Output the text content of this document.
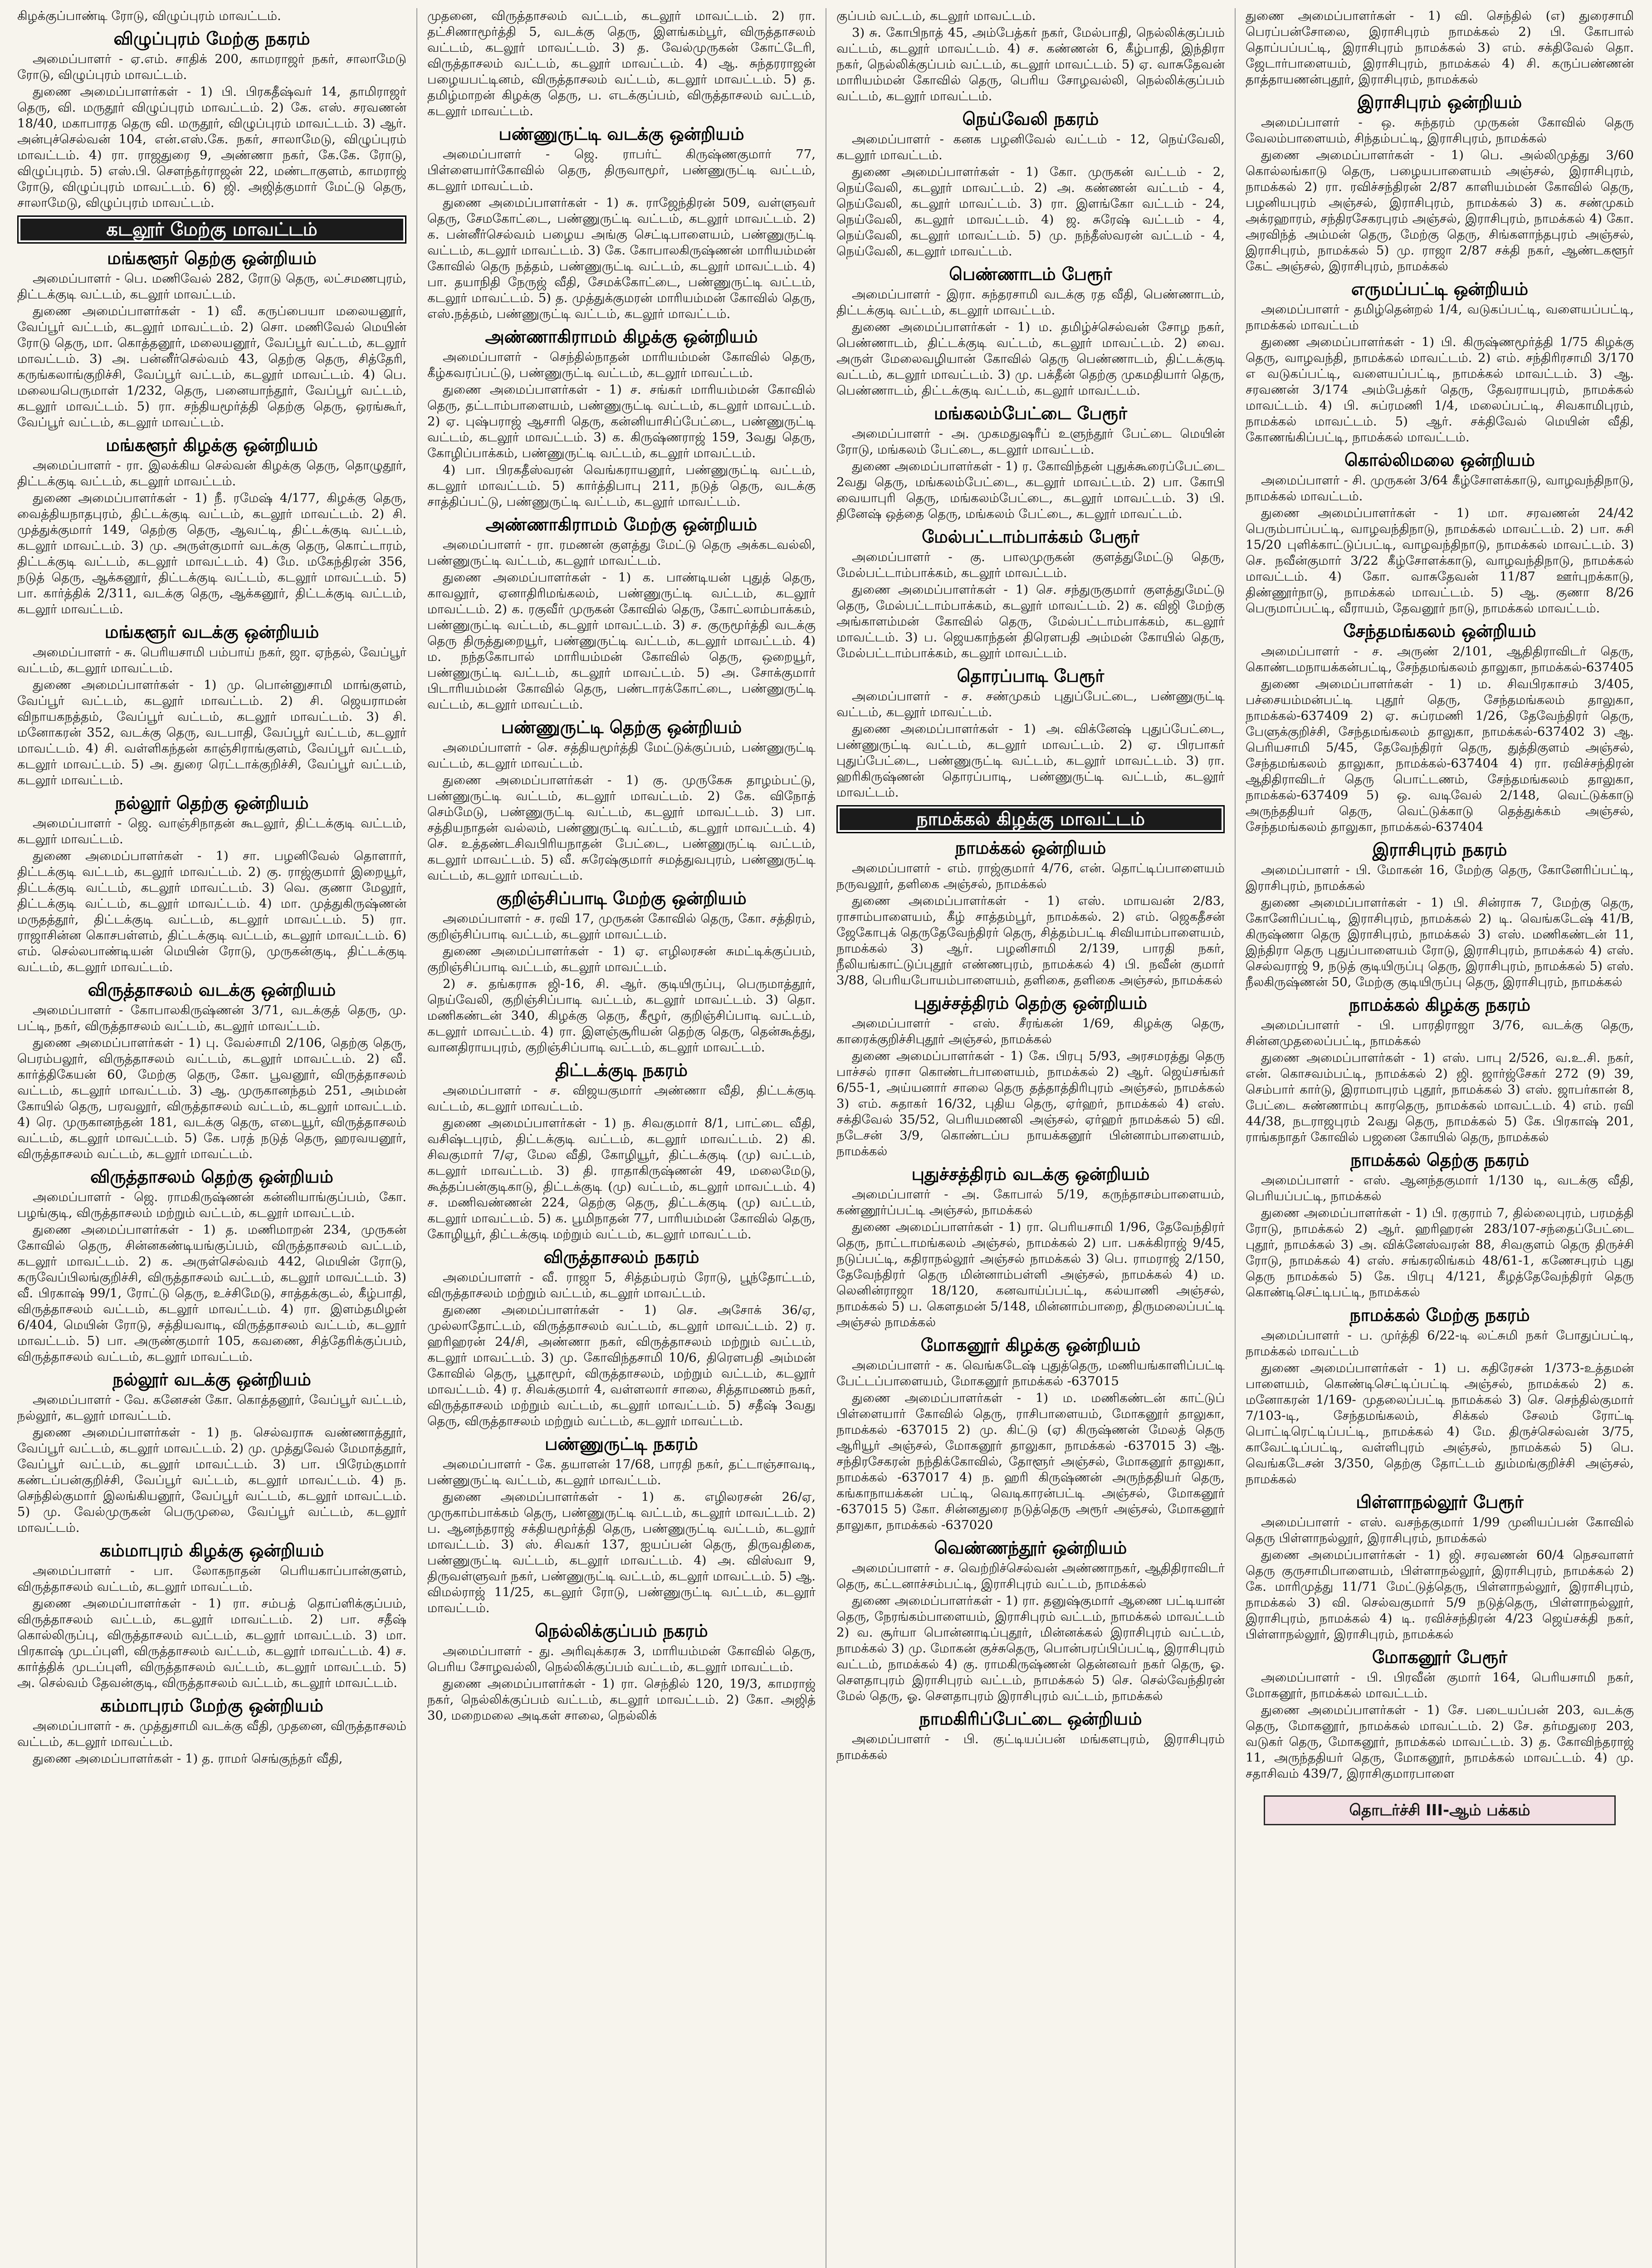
கிழக்குப்பாண்டி ரோடு, விழுப்புரம் மாவட்டம்.

விழுப்புரம் மேற்கு நகரம்

அமைப்பாளர் - ஏ.எம். சாதிக் 200, காமராஜர் நகர், சாலாமேடு ரோடு, விழுப்புரம் மாவட்டம்.

துணை அமைப்பாளர்கள் - 1) பி. பிரகதீஷ்வர் 14, தாமிராஜர் தெரு, வி. மருதூர் விழுப்புரம் மாவட்டம். 2) கே. எஸ். சரவணன் 18/40, மகாபாரத தெரு வி. மருதூர், விழுப்புரம் மாவட்டம். 3) ஆர். அன்புச்செல்வன் 104, என்.எஸ்.கே. நகர், சாலாமேடு, விழுப்புரம் மாவட்டம். 4) ரா. ராஜதுரை 9, அண்ணா நகர், கே.கே. ரோடு, விழுப்புரம். 5) எஸ்.பி. சௌந்தர்ராஜன் 22, மண்டாகுளம், காமராஜ் ரோடு, விழுப்புரம் மாவட்டம். 6) ஜி. அஜித்குமார் மேட்டு தெரு, சாலாமேடு, விழுப்புரம் மாவட்டம்.

கடலூர் மேற்கு மாவட்டம்
மங்களூர் தெற்கு ஒன்றியம்

அமைப்பாளர் - பெ. மணிவேல் 282, ரோடு தெரு, லட்சமணபுரம், திட்டக்குடி வட்டம், கடலூர் மாவட்டம்.

துணை அமைப்பாளர்கள் - 1) வீ. கருப்பையா மலையனூர், வேப்பூர் வட்டம், கடலூர் மாவட்டம். 2) சொ. மணிவேல் மெயின் ரோடு தெரு, மா. கொத்தனூர், மலையனூர், வேப்பூர் வட்டம், கடலூர் மாவட்டம். 3) அ. பன்னீர்செல்வம் 43, தெற்கு தெரு, சித்தேரி, கருங்கலாங்குறிச்சி, வேப்பூர் வட்டம், கடலூர் மாவட்டம். 4) பெ. மலையபெருமாள் 1/232, தெரு, பனையாந்தூர், வேப்பூர் வட்டம், கடலூர் மாவட்டம். 5) ரா. சந்தியமூர்த்தி தெற்கு தெரு, ஒரங்கூர், வேப்பூர் வட்டம், கடலூர் மாவட்டம்.

மங்களூர் கிழக்கு ஒன்றியம்

அமைப்பாளர் - ரா. இலக்கிய செல்வன் கிழக்கு தெரு, தொழுதூர், திட்டக்குடி வட்டம், கடலூர் மாவட்டம்.

துணை அமைப்பாளர்கள் - 1) நீ. ரமேஷ் 4/177, கிழக்கு தெரு, வைத்தியநாதபுரம், திட்டக்குடி வட்டம், கடலூர் மாவட்டம். 2) சி. முத்துக்குமார் 149, தெற்கு தெரு, ஆவட்டி, திட்டக்குடி வட்டம், கடலூர் மாவட்டம். 3) மு. அருள்குமார் வடக்கு தெரு, கொட்டாரம், திட்டக்குடி வட்டம், கடலூர் மாவட்டம். 4) மே. மகேந்திரன் 356, நடுத் தெரு, ஆக்கனூர், திட்டக்குடி வட்டம், கடலூர் மாவட்டம். 5) பா. கார்த்திக் 2/311, வடக்கு தெரு, ஆக்கனூர், திட்டக்குடி வட்டம், கடலூர் மாவட்டம்.

மங்களூர் வடக்கு ஒன்றியம்

அமைப்பாளர் - சு. பெரியசாமி பம்பாய் நகர், ஜா. ஏந்தல், வேப்பூர் வட்டம், கடலூர் மாவட்டம்.

துணை அமைப்பாளர்கள் - 1) மு. பொன்னுசாமி மாங்குளம், வேப்பூர் வட்டம், கடலூர் மாவட்டம். 2) சி. ஜெயராமன் விநாயகநத்தம், வேப்பூர் வட்டம், கடலூர் மாவட்டம். 3) சி. மனோகரன் 352, வடக்கு தெரு, வடபாதி, வேப்பூர் வட்டம், கடலூர் மாவட்டம். 4) சி. வள்ளிகந்தன் காஞ்சிராங்குளம், வேப்பூர் வட்டம், கடலூர் மாவட்டம். 5) அ. துரை ரெட்டாக்குறிச்சி, வேப்பூர் வட்டம், கடலூர் மாவட்டம்.

நல்லூர் தெற்கு ஒன்றியம்

அமைப்பாளர் - ஜெ. வாஞ்சிநாதன் கூடலூர், திட்டக்குடி வட்டம், கடலூர் மாவட்டம்.

துணை அமைப்பாளர்கள் - 1) சா. பழனிவேல் தொளார், திட்டக்குடி வட்டம், கடலூர் மாவட்டம். 2) கு. ராஜ்குமார் இறையூர், திட்டக்குடி வட்டம், கடலூர் மாவட்டம். 3) வெ. குணா மேலூர், திட்டக்குடி வட்டம், கடலூர் மாவட்டம். 4) மா. முத்துகிருஷ்ணன் மருதத்தூர், திட்டக்குடி வட்டம், கடலூர் மாவட்டம். 5) ரா. ராஜாசின்ன கொசபள்ளம், திட்டக்குடி வட்டம், கடலூர் மாவட்டம். 6) எம். செல்லபாண்டியன் மெயின் ரோடு, முருகன்குடி, திட்டக்குடி வட்டம், கடலூர் மாவட்டம்.

விருத்தாசலம் வடக்கு ஒன்றியம்

அமைப்பாளர் - கோபாலகிருஷ்ணன் 3/71, வடக்குத் தெரு, மு. பட்டி, நகர், விருத்தாசலம் வட்டம், கடலூர் மாவட்டம்.

துணை அமைப்பாளர்கள் - 1) பு. வேல்சாமி 2/106, தெற்கு தெரு, பெரம்பலூர், விருத்தாசலம் வட்டம், கடலூர் மாவட்டம். 2) வீ. கார்த்திகேயன் 60, மேற்கு தெரு, கோ. பூவனூர், விருத்தாசலம் வட்டம், கடலூர் மாவட்டம். 3) ஆ. முருகானந்தம் 251, அம்மன் கோயில் தெரு, பரவலூர், விருத்தாசலம் வட்டம், கடலூர் மாவட்டம். 4) ரெ. முருகானந்தன் 181, வடக்கு தெரு, எடையூர், விருத்தாசலம் வட்டம், கடலூர் மாவட்டம். 5) கே. பரத் நடுத் தெரு, ஹரவயனூர், விருத்தாசலம் வட்டம், கடலூர் மாவட்டம்.

விருத்தாசலம் தெற்கு ஒன்றியம்

அமைப்பாளர் - ஜெ. ராமகிருஷ்ணன் கன்னியாங்குப்பம், கோ. பழங்குடி, விருத்தாசலம் மற்றும் வட்டம், கடலூர் மாவட்டம்.

துணை அமைப்பாளர்கள் - 1) த. மணிமாறன் 234, முருகன் கோவில் தெரு, சின்னகண்டியங்குப்பம், விருத்தாசலம் வட்டம், கடலூர் மாவட்டம். 2) க. அருள்செல்வம் 442, மெயின் ரோடு, கருவேப்பிலங்குறிச்சி, விருத்தாசலம் வட்டம், கடலூர் மாவட்டம். 3) வீ. பிரகாஷ் 99/1, ரோட்டு தெரு, உச்சிமேடு, சாத்தக்குடல், கீழ்பாதி, விருத்தாசலம் வட்டம், கடலூர் மாவட்டம். 4) ரா. இளம்தமிழன் 6/404, மெயின் ரோடு, சத்தியவாடி, விருத்தாசலம் வட்டம், கடலூர் மாவட்டம். 5) பா. அருண்குமார் 105, கவணை, சித்தேரிக்குப்பம், விருத்தாசலம் வட்டம், கடலூர் மாவட்டம்.

நல்லூர் வடக்கு ஒன்றியம்

அமைப்பாளர் - வே. கனேசன் கோ. கொத்தனூர், வேப்பூர் வட்டம், நல்லூர், கடலூர் மாவட்டம்.

துணை அமைப்பாளர்கள் - 1) ந. செல்வராசு வண்ணாத்தூர், வேப்பூர் வட்டம், கடலூர் மாவட்டம். 2) மு. முத்துவேல் மேமாத்தூர், வேப்பூர் வட்டம், கடலூர் மாவட்டம். 3) பா. பிரேம்குமார் கண்டப்பன்குறிச்சி, வேப்பூர் வட்டம், கடலூர் மாவட்டம். 4) ந. செந்தில்குமார் இலங்கியனூர், வேப்பூர் வட்டம், கடலூர் மாவட்டம். 5) மு. வேல்முருகன் பெருமுலை, வேப்பூர் வட்டம், கடலூர் மாவட்டம்.

கம்மாபுரம் கிழக்கு ஒன்றியம்

அமைப்பாளர் - பா. லோகநாதன் பெரியகாப்பான்குளம், விருத்தாசலம் வட்டம், கடலூர் மாவட்டம்.

துணை அமைப்பாளர்கள் - 1) ரா. சம்பத் தொப்ளிக்குப்பம், விருத்தாசலம் வட்டம், கடலூர் மாவட்டம். 2) பா. சதீஷ் கொல்லிருப்பு, விருத்தாசலம் வட்டம், கடலூர் மாவட்டம். 3) மா. பிரகாஷ் முடப்புளி, விருத்தாசலம் வட்டம், கடலூர் மாவட்டம். 4) ச. கார்த்திக் முடப்புளி, விருத்தாசலம் வட்டம், கடலூர் மாவட்டம். 5) அ. செல்வம் தேவன்குடி, விருத்தாசலம் வட்டம், கடலூர் மாவட்டம்.

கம்மாபுரம் மேற்கு ஒன்றியம்

அமைப்பாளர் - சு. முத்துசாமி வடக்கு வீதி, முதனை, விருத்தாசலம் வட்டம், கடலூர் மாவட்டம்.

துணை அமைப்பாளர்கள் - 1) த. ராமர் செங்குந்தர் வீதி,

முதனை, விருத்தாசலம் வட்டம், கடலூர் மாவட்டம். 2) ரா. தட்சிணாமூர்த்தி 5, வடக்கு தெரு, இளங்கம்பூர், விருத்தாசலம் வட்டம், கடலூர் மாவட்டம். 3) த. வேல்முருகன் கோட்டேரி, விருத்தாசலம் வட்டம், கடலூர் மாவட்டம். 4) ஆ. சுந்தரராஜன் பழையபட்டினம், விருத்தாசலம் வட்டம், கடலூர் மாவட்டம். 5) த. தமிழ்மாறன் கிழக்கு தெரு, ப. எடக்குப்பம், விருத்தாசலம் வட்டம், கடலூர் மாவட்டம்.

பண்ணுருட்டி வடக்கு ஒன்றியம்

அமைப்பாளர் - ஜெ. ராபர்ட் கிருஷ்ணகுமார் 77, பிள்ளையார்கோவில் தெரு, திருவாமூர், பண்ணுருட்டி வட்டம், கடலூர் மாவட்டம்.

துணை அமைப்பாளர்கள் - 1) சு. ராஜேந்திரன் 509, வள்ளுவர் தெரு, சேமகோட்டை, பண்ணுருட்டி வட்டம், கடலூர் மாவட்டம். 2) க. பன்னீர்செல்வம் பழைய அங்கு செட்டிபாளையம், பண்ணுருட்டி வட்டம், கடலூர் மாவட்டம். 3) கே. கோபாலகிருஷ்ணன் மாரியம்மன் கோவில் தெரு நத்தம், பண்ணுருட்டி வட்டம், கடலூர் மாவட்டம். 4) பா. தயாநிதி நேருஜ் வீதி, சேமக்கோட்டை, பண்ணுருட்டி வட்டம், கடலூர் மாவட்டம். 5) த. முத்துக்குமரன் மாரியம்மன் கோவில் தெரு, எஸ்.நத்தம், பண்ணுருட்டி வட்டம், கடலூர் மாவட்டம்.

அண்ணாகிராமம் கிழக்கு ஒன்றியம்

அமைப்பாளர் - செந்தில்நாதன் மாரியம்மன் கோவில் தெரு, கீழ்கவரப்பட்டு, பண்ணுருட்டி வட்டம், கடலூர் மாவட்டம்.

துணை அமைப்பாளர்கள் - 1) ச. சங்கர் மாரியம்மன் கோவில் தெரு, தட்டாம்பாளையம், பண்ணுருட்டி வட்டம், கடலூர் மாவட்டம். 2) ஏ. புஷ்பராஜ் ஆசாரி தெரு, கன்னியாசிப்பேட்டை, பண்ணுருட்டி வட்டம், கடலூர் மாவட்டம். 3) க. கிருஷ்ணராஜ் 159, 3வது தெரு, கோழிப்பாக்கம், பண்ணுருட்டி வட்டம், கடலூர் மாவட்டம்.

4) பா. பிரகதீஸ்வரன் வெங்கராயனூர், பண்ணுருட்டி வட்டம், கடலூர் மாவட்டம். 5) கார்த்திபாபு 211, நடுத் தெரு, வடக்கு சாத்திப்பட்டு, பண்ணுருட்டி வட்டம், கடலூர் மாவட்டம்.

அண்ணாகிராமம் மேற்கு ஒன்றியம்

அமைப்பாளர் - ரா. ரமணன் குளத்து மேட்டு தெரு அக்கடவல்லி, பண்ணுருட்டி வட்டம், கடலூர் மாவட்டம்.

துணை அமைப்பாளர்கள் - 1) க. பாண்டியன் புதுத் தெரு, காவலூர், ஏனாதிரிமங்கலம், பண்ணுருட்டி வட்டம், கடலூர் மாவட்டம். 2) க. ரகுவீர் முருகன் கோவில் தெரு, கோட்லாம்பாக்கம், பண்ணுருட்டி வட்டம், கடலூர் மாவட்டம். 3) ச. குருமூர்த்தி வடக்கு தெரு திருத்துறையூர், பண்ணுருட்டி வட்டம், கடலூர் மாவட்டம். 4) ம. நந்தகோபால் மாரியம்மன் கோவில் தெரு, ஒறையூர், பண்ணுருட்டி வட்டம், கடலூர் மாவட்டம். 5) அ. சோக்குமார் பிடாரியம்மன் கோவில் தெரு, பண்டாரக்கோட்டை, பண்ணுருட்டி வட்டம், கடலூர் மாவட்டம்.

பண்ணுருட்டி தெற்கு ஒன்றியம்

அமைப்பாளர் - செ. சத்தியமூர்த்தி மேட்டுக்குப்பம், பண்ணுருட்டி வட்டம், கடலூர் மாவட்டம்.

துணை அமைப்பாளர்கள் - 1) கு. முருகேசு தாழம்பட்டு, பண்ணுருட்டி வட்டம், கடலூர் மாவட்டம். 2) கே. விநோத் செம்மேடு, பண்ணுருட்டி வட்டம், கடலூர் மாவட்டம். 3) பா. சத்தியநாதன் வல்லம், பண்ணுருட்டி வட்டம், கடலூர் மாவட்டம். 4) செ. உத்தண்டசிவபிரியநாதன் பேட்டை, பண்ணுருட்டி வட்டம், கடலூர் மாவட்டம். 5) வீ. சுரேஷ்குமார் சமத்துவபுரம், பண்ணுருட்டி வட்டம், கடலூர் மாவட்டம்.

குறிஞ்சிப்பாடி மேற்கு ஒன்றியம்

அமைப்பாளர் - ச. ரவி 17, முருகன் கோவில் தெரு, கோ. சத்திரம், குறிஞ்சிப்பாடி வட்டம், கடலூர் மாவட்டம்.

துணை அமைப்பாளர்கள் - 1) ஏ. எழிலரசன் சுமட்டிக்குப்பம், குறிஞ்சிப்பாடி வட்டம், கடலூர் மாவட்டம்.

2) ச. தங்கராசு ஜி-16, சி. ஆர். குடியிருப்பு, பெருமாத்தூர், நெய்வேலி, குறிஞ்சிப்பாடி வட்டம், கடலூர் மாவட்டம். 3) தொ. மணிகண்டன் 340, கிழக்கு தெரு, கீழூர், குறிஞ்சிப்பாடி வட்டம், கடலூர் மாவட்டம். 4) ரா. இளஞ்சூரியன் தெற்கு தெரு, தென்கூத்து, வானதிராயபுரம், குறிஞ்சிப்பாடி வட்டம், கடலூர் மாவட்டம்.

திட்டக்குடி நகரம்

அமைப்பாளர் - ச. விஜயகுமார் அண்ணா வீதி, திட்டக்குடி வட்டம், கடலூர் மாவட்டம்.

துணை அமைப்பாளர்கள் - 1) ந. சிவகுமார் 8/1, பாட்டை வீதி, வசிஷ்டபுரம், திட்டக்குடி வட்டம், கடலூர் மாவட்டம். 2) கி. சிவகுமார் 7/ஏ, மேல வீதி, கோழியூர், திட்டக்குடி (மு) வட்டம், கடலூர் மாவட்டம். 3) தி. ராதாகிருஷ்ணன் 49, மலைமேடு, கூத்தப்பன்குடிகாடு, திட்டக்குடி (மு) வட்டம், கடலூர் மாவட்டம். 4) ச. மணிவண்ணன் 224, தெற்கு தெரு, திட்டக்குடி (மு) வட்டம், கடலூர் மாவட்டம். 5) க. பூமிநாதன் 77, பாரியம்மன் கோவில் தெரு, கோழியூர், திட்டக்குடி மற்றும் வட்டம், கடலூர் மாவட்டம்.

விருத்தாசலம் நகரம்

அமைப்பாளர் - வீ. ராஜா 5, சித்தம்பரம் ரோடு, பூந்தோட்டம், விருத்தாசலம் மற்றும் வட்டம், கடலூர் மாவட்டம்.

துணை அமைப்பாளர்கள் - 1) செ. அசோக் 36/ஏ, முல்லாதோட்டம், விருத்தாசலம் வட்டம், கடலூர் மாவட்டம். 2) ர. ஹரிஹரன் 24/சி, அண்ணா நகர், விருத்தாசலம் மற்றும் வட்டம், கடலூர் மாவட்டம். 3) மு. கோவிந்தசாமி 10/6, திரௌபதி அம்மன் கோவில் தெரு, பூதாமூர், விருத்தாசலம், மற்றும் வட்டம், கடலூர் மாவட்டம். 4) ர. சிவக்குமார் 4, வள்ளலார் சாலை, சித்தாமணம் நகர், விருத்தாசலம் மற்றும் வட்டம், கடலூர் மாவட்டம். 5) சதீஷ் 3வது தெரு, விருத்தாசலம் மற்றும் வட்டம், கடலூர் மாவட்டம்.

பண்ணுருட்டி நகரம்

அமைப்பாளர் - கே. தயாளன் 17/68, பாரதி நகர், தட்டாஞ்சாவடி, பண்ணுருட்டி வட்டம், கடலூர் மாவட்டம்.

துணை அமைப்பாளர்கள் - 1) க. எழிலரசன் 26/ஏ, முருகாம்பாக்கம் தெரு, பண்ணுருட்டி வட்டம், கடலூர் மாவட்டம். 2) ப. ஆனந்தராஜ் சக்தியமூர்த்தி தெரு, பண்ணுருட்டி வட்டம், கடலூர் மாவட்டம். 3) ஸ். சிவகர் 137, ஐயப்பன் தெரு, திருவதிகை, பண்ணுருட்டி வட்டம், கடலூர் மாவட்டம். 4) அ. விஸ்வா 9, திருவள்ளுவர் நகர், பண்ணுருட்டி வட்டம், கடலூர் மாவட்டம். 5) ஆ. விமல்ராஜ் 11/25, கடலூர் ரோடு, பண்ணுருட்டி வட்டம், கடலூர் மாவட்டம்.

நெல்லிக்குப்பம் நகரம்

அமைப்பாளர் - து. அரிவுக்கரசு 3, மாரியம்மன் கோவில் தெரு, பெரிய சோழவல்லி, நெல்லிக்குப்பம் வட்டம், கடலூர் மாவட்டம்.

துணை அமைப்பாளர்கள் - 1) ரா. செந்தில் 120, 19/3, காமராஜ் நகர், நெல்லிக்குப்பம் வட்டம், கடலூர் மாவட்டம். 2) கோ. அஜித் 30, மறைமலை அடிகள் சாலை, நெல்லிக்

குப்பம் வட்டம், கடலூர் மாவட்டம்.

3) சு. கோபிநாத் 45, அம்பேத்கர் நகர், மேல்பாதி, நெல்லிக்குப்பம் வட்டம், கடலூர் மாவட்டம். 4) ச. கண்ணன் 6, கீழ்பாதி, இந்திரா நகர், நெல்லிக்குப்பம் வட்டம், கடலூர் மாவட்டம். 5) ஏ. வாசுதேவன் மாரியம்மன் கோவில் தெரு, பெரிய சோழவல்லி, நெல்லிக்குப்பம் வட்டம், கடலூர் மாவட்டம்.

நெய்வேலி நகரம்

அமைப்பாளர் - கனக பழனிவேல் வட்டம் - 12, நெய்வேலி, கடலூர் மாவட்டம்.

துணை அமைப்பாளர்கள் - 1) கோ. முருகன் வட்டம் - 2, நெய்வேலி, கடலூர் மாவட்டம். 2) அ. கண்ணன் வட்டம் - 4, நெய்வேலி, கடலூர் மாவட்டம். 3) ரா. இளங்கோ வட்டம் - 24, நெய்வேலி, கடலூர் மாவட்டம். 4) ஜ. சுரேஷ் வட்டம் - 4, நெய்வேலி, கடலூர் மாவட்டம். 5) மு. நந்தீஸ்வரன் வட்டம் - 4, நெய்வேலி, கடலூர் மாவட்டம்.

பெண்ணாடம் பேரூர்

அமைப்பாளர் - இரா. சுந்தரசாமி வடக்கு ரத வீதி, பெண்ணாடம், திட்டக்குடி வட்டம், கடலூர் மாவட்டம்.

துணை அமைப்பாளர்கள் - 1) ம. தமிழ்ச்செல்வன் சோழ நகர், பெண்ணாடம், திட்டக்குடி வட்டம், கடலூர் மாவட்டம். 2) வை. அருள் மேலைவழியான் கோவில் தெரு பெண்ணாடம், திட்டக்குடி வட்டம், கடலூர் மாவட்டம். 3) மு. பக்தீன் தெற்கு முகமதியார் தெரு, பெண்ணாடம், திட்டக்குடி வட்டம், கடலூர் மாவட்டம்.

மங்கலம்பேட்டை பேரூர்

அமைப்பாளர் - அ. முகமதுஷரீப் உளுந்தூர் பேட்டை மெயின் ரோடு, மங்கலம் பேட்டை, கடலூர் மாவட்டம்.

துணை அமைப்பாளர்கள் - 1) ர. கோவிந்தன் புதுக்கூரைப்பேட்டை 2வது தெரு, மங்கலம்பேட்டை, கடலூர் மாவட்டம். 2) பா. கோபி வையாபுரி தெரு, மங்கலம்பேட்டை, கடலூர் மாவட்டம். 3) பி. தினேஷ் ஒத்தை தெரு, மங்கலம் பேட்டை, கடலூர் மாவட்டம்.

மேல்பட்டாம்பாக்கம் பேரூர்

அமைப்பாளர் - கு. பாலமுருகன் குளத்துமேட்டு தெரு, மேல்பட்டாம்பாக்கம், கடலூர் மாவட்டம்.

துணை அமைப்பாளர்கள் - 1) செ. சந்துருகுமார் குளத்துமேட்டு தெரு, மேல்பட்டாம்பாக்கம், கடலூர் மாவட்டம். 2) க. விஜி மேற்கு அங்காளம்மன் கோவில் தெரு, மேல்பட்டாம்பாக்கம், கடலூர் மாவட்டம். 3) ப. ஜெயகாந்தன் திரௌபதி அம்மன் கோயில் தெரு, மேல்பட்டாம்பாக்கம், கடலூர் மாவட்டம்.

தொரப்பாடி பேரூர்

அமைப்பாளர் - ச. சண்முகம் புதுப்பேட்டை, பண்ணுருட்டி வட்டம், கடலூர் மாவட்டம்.

துணை அமைப்பாளர்கள் - 1) அ. விக்னேஷ் புதுப்பேட்டை, பண்ணுருட்டி வட்டம், கடலூர் மாவட்டம். 2) ஏ. பிரபாகர் புதுப்பேட்டை, பண்ணுருட்டி வட்டம், கடலூர் மாவட்டம். 3) ரா. ஹரிகிருஷ்ணன் தொரப்பாடி, பண்ணுருட்டி வட்டம், கடலூர் மாவட்டம்.

நாமக்கல் கிழக்கு மாவட்டம்
நாமக்கல் ஒன்றியம்

அமைப்பாளர் - எம். ராஜ்குமார் 4/76, என். தொட்டிப்பாளையம் நருவலூர், தளிகை அஞ்சல், நாமக்கல்

துணை அமைப்பாளர்கள் - 1) எஸ். மாயவன் 2/83, ராசாம்பாளையம், கீழ் சாத்தம்பூர், நாமக்கல். 2) எம். ஜெகதீசன் ஜேகோபுக் தெருதேவேந்திரர் தெரு, சித்தம்பட்டி சிவியாம்பாளையம், நாமக்கல் 3) ஆர். பழனிசாமி 2/139, பாரதி நகர், நீலியங்காட்டுப்புதூர் எண்ணபுரம், நாமக்கல் 4) பி. நவீன் குமார் 3/88, பெரியபோயம்பாளையம், தளிகை, தளிகை அஞ்சல், நாமக்கல்

புதுச்சத்திரம் தெற்கு ஒன்றியம்

அமைப்பாளர் - எஸ். சீரங்கன் 1/69, கிழக்கு தெரு, காரைக்குறிச்சிபுதூர் அஞ்சல், நாமக்கல்

துணை அமைப்பாளர்கள் - 1) கே. பிரபு 5/93, அரசமரத்து தெரு பாச்சல் ராசா கொண்டர்பாளையம், நாமக்கல் 2) ஆர். ஜெய்சங்கர் 6/55-1, அய்யனார் சாலை தெரு தத்தாத்திரிபுரம் அஞ்சல், நாமக்கல் 3) எம். சுதாகர் 16/32, புதிய தெரு, ஏர்ஹர், நாமக்கல் 4) எஸ். சக்திவேல் 35/52, பெரியமணலி அஞ்சல், ஏர்ஹர் நாமக்கல் 5) வி. நடேசன் 3/9, கொண்டப்ப நாயக்கனூர் பின்னாம்பாளையம், நாமக்கல்

புதுச்சத்திரம் வடக்கு ஒன்றியம்

அமைப்பாளர் - அ. கோபால் 5/19, கருந்தாசம்பாளையம், கண்ணூர்ப்பட்டி அஞ்சல், நாமக்கல்

துணை அமைப்பாளர்கள் - 1) ரா. பெரியசாமி 1/96, தேவேந்திரர் தெரு, நாட்டாமங்கலம் அஞ்சல், நாமக்கல் 2) பா. பசுக்கிராஜ் 9/45, நடுப்பட்டி, கதிராநல்லூர் அஞ்சல் நாமக்கல் 3) பெ. ராமராஜ் 2/150, தேவேந்திரர் தெரு மின்னாம்பள்ளி அஞ்சல், நாமக்கல் 4) ம. லெனின்ராஜா 18/120, கனவாய்ப்பட்டி, கல்யாணி அஞ்சல், நாமக்கல் 5) ப. கௌதமன் 5/148, மின்னாம்பாறை, திருமலைப்பட்டி அஞ்சல் நாமக்கல்

மோகனூர் கிழக்கு ஒன்றியம்

அமைப்பாளர் - க. வெங்கடேஷ் புதுத்தெரு, மணியங்காளிப்பட்டி பேட்டப்பாளையம், மோகனூர் நாமக்கல் -637015

துணை அமைப்பாளர்கள் - 1) ம. மணிகண்டன் காட்டுப் பிள்ளையார் கோவில் தெரு, ராசிபாளையம், மோகனூர் தாலுகா, நாமக்கல் -637015 2) மு. கிட்டு (ஏ) கிருஷ்ணன் மேலத் தெரு ஆரியூர் அஞ்சல், மோகனூர் தாலுகா, நாமக்கல் -637015 3) ஆ. சந்திரசேகரன் நந்திக்கோவில், தோளூர் அஞ்சல், மோகனூர் தாலுகா, நாமக்கல் -637017 4) ந. ஹரி கிருஷ்ணன் அருந்ததியர் தெரு, கங்காநாயக்கன் பட்டி, வெடிகாரன்பட்டி அஞ்சல், மோகனூர் -637015 5) கோ. சின்னதுரை நடுத்தெரு அரூர் அஞ்சல், மோகனூர் தாலுகா, நாமக்கல் -637020

வெண்ணந்தூர் ஒன்றியம்

அமைப்பாளர் - ச. வெற்றிச்செல்வன் அண்ணாநகர், ஆதிதிராவிடர் தெரு, கட்டனாச்சம்பட்டி, இராசிபுரம் வட்டம், நாமக்கல்

துணை அமைப்பாளர்கள் - 1) ரா. தனுஷ்குமார் ஆணை பட்டியான் தெரு, நேரங்கம்பாளையம், இராசிபுரம் வட்டம், நாமக்கல் மாவட்டம் 2) வ. சூர்யா பொன்னாடிப்புதூர், மின்னக்கல் இராசிபுரம் வட்டம், நாமக்கல் 3) மு. மோகன் குச்சுதெரு, பொன்பரப்பிப்பட்டி, இராசிபுரம் வட்டம், நாமக்கல் 4) கு. ராமகிருஷ்ணன் தென்னவர் நகர் தெரு, ஓ. சௌதாபுரம் இராசிபுரம் வட்டம், நாமக்கல் 5) செ. செல்வேந்திரன் மேல் தெரு, ஓ. சௌதாபுரம் இராசிபுரம் வட்டம், நாமக்கல்

நாமகிரிப்பேட்டை ஒன்றியம்

அமைப்பாளர் - பி. குட்டியப்பன் மங்களபுரம், இராசிபுரம் நாமக்கல்

துணை அமைப்பாளர்கள் - 1) வி. செந்தில் (எ) துரைசாமி பெரப்பன்சோலை, இராசிபுரம் நாமக்கல் 2) பி. கோபால் தொப்பப்பட்டி, இராசிபுரம் நாமக்கல் 3) எம். சக்திவேல் தொ. ஜேடார்பாளையம், இராசிபுரம், நாமக்கல் 4) சி. கருப்பண்ணன் தாத்தாயணன்புதூர், இராசிபுரம், நாமக்கல்

இராசிபுரம் ஒன்றியம்

அமைப்பாளர் - ஒ. சுந்தரம் முருகன் கோவில் தெரு வேலம்பாளையம், சிந்தம்பட்டி, இராசிபுரம், நாமக்கல்

துணை அமைப்பாளர்கள் - 1) பெ. அல்லிமுத்து 3/60 கொல்லங்காடு தெரு, பழையபாளையம் அஞ்சல், இராசிபுரம், நாமக்கல் 2) ரா. ரவிச்சந்திரன் 2/87 காளியம்மன் கோவில் தெரு, பழனியபுரம் அஞ்சல், இராசிபுரம், நாமக்கல் 3) க. சண்முகம் அக்ரஹாரம், சந்திரசேகரபுரம் அஞ்சல், இராசிபுரம், நாமக்கல் 4) கோ. அரவிந்த் அம்மன் தெரு, மேற்கு தெரு, சிங்களாந்தபுரம் அஞ்சல், இராசிபுரம், நாமக்கல் 5) மு. ராஜா 2/87 சக்தி நகர், ஆண்டகளூர் கேட் அஞ்சல், இராசிபுரம், நாமக்கல்

எருமப்பட்டி ஒன்றியம்

அமைப்பாளர் - தமிழ்தென்றல் 1/4, வடுகப்பட்டி, வளையப்பட்டி, நாமக்கல் மாவட்டம்

துணை அமைப்பாளர்கள் - 1) பி. கிருஷ்ணமூர்த்தி 1/75 கிழக்கு தெரு, வாழவந்தி, நாமக்கல் மாவட்டம். 2) எம். சந்திரிரசாமி 3/170 எ வடுகப்பட்டி, வளையப்பட்டி, நாமக்கல் மாவட்டம். 3) ஆ. சரவணன் 3/174 அம்பேத்கர் தெரு, தேவராயபுரம், நாமக்கல் மாவட்டம். 4) பி. சுப்ரமணி 1/4, மலைப்பட்டி, சிவகாமிபுரம், நாமக்கல் மாவட்டம். 5) ஆர். சக்திவேல் மெயின் வீதி, கோணங்கிப்பட்டி, நாமக்கல் மாவட்டம்.

கொல்லிமலை ஒன்றியம்

அமைப்பாளர் - சி. முருகன் 3/64 கீழ்சோளக்காடு, வாழவந்திநாடு, நாமக்கல் மாவட்டம்.

துணை அமைப்பாளர்கள் - 1) மா. சரவணன் 24/42 பெரும்பாப்பட்டி, வாழவந்திநாடு, நாமக்கல் மாவட்டம். 2) பா. சுசி 15/20 புளிக்காட்டுப்பட்டி, வாழவந்திநாடு, நாமக்கல் மாவட்டம். 3) செ. நவீன்குமார் 3/22 கீழ்சோளக்காடு, வாழவந்திநாடு, நாமக்கல் மாவட்டம். 4) கோ. வாசுதேவன் 11/87 ஊர்புறக்காடு, திண்ணூர்நாடு, நாமக்கல் மாவட்டம். 5) ஆ. குணா 8/26 பெருமாப்பட்டி, வீராயம், தேவனூர் நாடு, நாமக்கல் மாவட்டம்.

சேந்தமங்கலம் ஒன்றியம்

அமைப்பாளர் - ச. அருண் 2/101, ஆதிதிராவிடர் தெரு, கொண்டமநாயக்கன்பட்டி, சேந்தமங்கலம் தாலுகா, நாமக்கல்-637405

துணை அமைப்பாளர்கள் - 1) ம. சிவபிரகாசம் 3/405, பச்சையம்மன்பட்டி புதூர் தெரு, சேந்தமங்கலம் தாலுகா, நாமக்கல்-637409 2) ஏ. சுப்ரமணி 1/26, தேவேந்திரர் தெரு, பேளுக்குறிச்சி, சேந்தமங்கலம் தாலுகா, நாமக்கல்-637402 3) ஆ. பெரியசாமி 5/45, தேவேந்திரர் தெரு, துத்திகுளம் அஞ்சல், சேந்தமங்கலம் தாலுகா, நாமக்கல்-637404 4) ரா. ரவிச்சந்திரன் ஆதிதிராவிடர் தெரு பொட்டணம், சேந்தமங்கலம் தாலுகா, நாமக்கல்-637409 5) ஒ. வடிவேல் 2/148, வெட்டுக்காடு அருந்ததியர் தெரு, வெட்டுக்காடு தெத்துக்கம் அஞ்சல், சேந்தமங்கலம் தாலுகா, நாமக்கல்-637404

இராசிபுரம் நகரம்

அமைப்பாளர் - பி. மோகன் 16, மேற்கு தெரு, கோனேரிப்பட்டி, இராசிபுரம், நாமக்கல்

துணை அமைப்பாளர்கள் - 1) பி. சின்ராசு 7, மேற்கு தெரு, கோனேரிப்பட்டி, இராசிபுரம், நாமக்கல் 2) டி. வெங்கடேஷ் 41/B, கிருஷ்ணா தெரு இராசிபுரம், நாமக்கல் 3) எஸ். மணிகண்டன் 11, இந்திரா தெரு புதுப்பாளையம் ரோடு, இராசிபுரம், நாமக்கல் 4) எஸ். செல்வராஜ் 9, நடுத் குடியிருப்பு தெரு, இராசிபுரம், நாமக்கல் 5) எஸ். நீலகிருஷ்ணன் 50, மேற்கு குடியிருப்பு தெரு, இராசிபுரம், நாமக்கல்

நாமக்கல் கிழக்கு நகரம்

அமைப்பாளர் - பி. பாரதிராஜா 3/76, வடக்கு தெரு, சின்னமுதலைப்பட்டி, நாமக்கல்

துணை அமைப்பாளர்கள் - 1) எஸ். பாபு 2/526, வ.உ.சி. நகர், என். கொசவம்பட்டி, நாமக்கல் 2) ஜி. ஜார்ஜ்சேகர் 272 (9) 39, செம்பார் கார்டு, இராமாபுரம் புதூர், நாமக்கல் 3) எஸ். ஜாபர்கான் 8, பேட்டை சுண்ணாம்பு காரதெரு, நாமக்கல் மாவட்டம். 4) எம். ரவி 44/38, நடராஜபுரம் 2வது தெரு, நாமக்கல் 5) கே. பிரகாஷ் 201, ராங்கநாதர் கோவில் பஜனை கோயில் தெரு, நாமக்கல்

நாமக்கல் தெற்கு நகரம்

அமைப்பாளர் - எஸ். ஆனந்தகுமார் 1/130 டி, வடக்கு வீதி, பெரியப்பட்டி, நாமக்கல்

துணை அமைப்பாளர்கள் - 1) பி. ரகுராம் 7, தில்லைபுரம், பரமத்தி ரோடு, நாமக்கல் 2) ஆர். ஹரிஹரன் 283/107-சந்தைப்பேட்டை புதூர், நாமக்கல் 3) அ. விக்னேஸ்வரன் 88, சிவகுளம் தெரு திருச்சி ரோடு, நாமக்கல் 4) எஸ். சங்கரலிங்கம் 48/61-1, கணேசபுரம் புது தெரு நாமக்கல் 5) கே. பிரபு 4/121, கீழத்தேவேந்திரர் தெரு கொண்டிசெட்டிபட்டி, நாமக்கல்

நாமக்கல் மேற்கு நகரம்

அமைப்பாளர் - ப. முர்த்தி 6/22-டி லட்சுமி நகர் போதுப்பட்டி, நாமக்கல் மாவட்டம்

துணை அமைப்பாளர்கள் - 1) ப. கதிரேசன் 1/373-உத்தமன் பாளையம், கொண்டிசெட்டிப்பட்டி அஞ்சல், நாமக்கல் 2) க. மனோகரன் 1/169- முதலைப்பட்டி நாமக்கல் 3) செ. செந்தில்குமார் 7/103-டி, சேந்தமங்கலம், சிக்கல் சேலம் ரோட்டி பொட்டிரெட்டிப்பட்டி, நாமக்கல் 4) மே. திருச்செல்வன் 3/75, காவேட்டிப்பட்டி, வள்ளிபுரம் அஞ்சல், நாமக்கல் 5) பெ. வெங்கடேசன் 3/350, தெற்கு தோட்டம் தும்மங்குறிச்சி அஞ்சல், நாமக்கல்

பிள்ளாநல்லூர் பேரூர்

அமைப்பாளர் - எஸ். வசந்தகுமார் 1/99 முனியப்பன் கோவில் தெரு பிள்ளாநல்லூர், இராசிபுரம், நாமக்கல்

துணை அமைப்பாளர்கள் - 1) ஜி. சரவணன் 60/4 நெசவாளர் தெரு குருசாமிபாளையம், பிள்ளாநல்லூர், இராசிபுரம், நாமக்கல் 2) கே. மாரிமுத்து 11/71 மேட்டுத்தெரு, பிள்ளாநல்லூர், இராசிபுரம், நாமக்கல் 3) வி. செல்வகுமார் 5/9 நடுத்தெரு, பிள்ளாநல்லூர், இராசிபுரம், நாமக்கல் 4) டி. ரவிச்சந்திரன் 4/23 ஜெய்சக்தி நகர், பிள்ளாநல்லூர், இராசிபுரம், நாமக்கல்

மோகனூர் பேரூர்

அமைப்பாளர் - பி. பிரவீன் குமார் 164, பெரியசாமி நகர், மோகனூர், நாமக்கல் மாவட்டம்.

துணை அமைப்பாளர்கள் - 1) சே. படையப்பன் 203, வடக்கு தெரு, மோகனூர், நாமக்கல் மாவட்டம். 2) சே. தர்மதுரை 203, வடுகர் தெரு, மோகனூர், நாமக்கல் மாவட்டம். 3) த. கோவிந்தராஜ் 11, அருந்ததியர் தெரு, மோகனூர், நாமக்கல் மாவட்டம். 4) மு. சதாசிவம் 439/7, இராசிகுமாரபாளை

தொடர்ச்சி III-ஆம் பக்கம்
